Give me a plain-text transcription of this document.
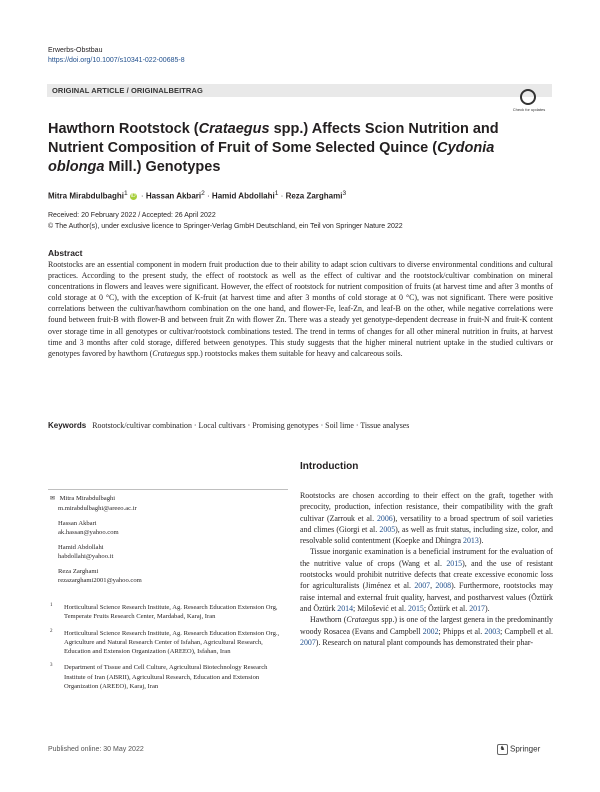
Erwerbs-Obstbau
https://doi.org/10.1007/s10341-022-00685-8
ORIGINAL ARTICLE / ORIGINALBEITRAG
Check for updates
Hawthorn Rootstock (Crataegus spp.) Affects Scion Nutrition and Nutrient Composition of Fruit of Some Selected Quince (Cydonia oblonga Mill.) Genotypes
Mitra Mirabdulbaghi$^1$ iD · Hassan Akbari$^2$ · Hamid Abdollahi$^1$ · Reza Zarghami$^3$
Received: 20 February 2022 / Accepted: 26 April 2022
© The Author(s), under exclusive licence to Springer-Verlag GmbH Deutschland, ein Teil von Springer Nature 2022
Abstract
Rootstocks are an essential component in modern fruit production due to their ability to adapt scion cultivars to diverse environmental conditions and cultural practices. According to the present study, the effect of rootstock as well as the effect of cultivar and the rootstock/cultivar combination on mineral concentrations in flowers and leaves were significant. However, the effect of rootstock for nutrient composition of fruits (at harvest time and after 3 months of cold storage at 0 °C), with the exception of K-fruit (at harvest time and after 3 months of cold storage at 0 °C), was not significant. There were positive correlations between the cultivar/hawthorn combination on the one hand, and flower-Fe, leaf-Zn, and leaf-B on the other, while negative correlations were found between fruit-B with flower-B and between fruit Zn with flower Zn. There was a steady yet genotype-dependent decrease in fruit-N and fruit-K content over storage time in all genotypes or cultivar/rootstock combinations tested. The trend in terms of changes for all other mineral nutrition in fruits, at harvest time and 3 months after cold storage, differed between genotypes. This study suggests that the higher mineral nutrient uptake in the studied cultivars or genotypes favored by hawthorn (Crataegus spp.) rootstocks makes them suitable for heavy and calcareous soils.
Keywords Rootstock/cultivar combination · Local cultivars · Promising genotypes · Soil lime · Tissue analyses
✉ Mitra Mirabdulbaghi
m.mirabdulbaghi@areeo.ac.ir
Hassan Akbari
ak.hassan@yahoo.com
Hamid Abdollahi
habdollahi@yahoo.it
Reza Zarghami
rezazarghami2001@yahoo.com
1 Horticultural Science Research Institute, Ag. Research Education Extension Org, Temperate Fruits Research Center, Mardabad, Karaj, Iran
2 Horticultural Science Research Institute, Ag. Research Education Extension Org., Agriculture and Natural Research Center of Isfahan, Agricultural Research, Education and Extension Organization (AREEO), Isfahan, Iran
3 Department of Tissue and Cell Culture, Agricultural Biotechnology Research Institute of Iran (ABRII), Agricultural Research, Education and Extension Organization (AREEO), Karaj, Iran
Introduction

Rootstocks are chosen according to their effect on the graft, together with precocity, production, infection resistance, their compatibility with the graft cultivar (Zarrouk et al. 2006), versatility to a broad spectrum of soil varieties and climes (Giorgi et al. 2005), as well as fruit status, including size, color, and resolvable solid contentment (Koepke and Dhingra 2013).

Tissue inorganic examination is a beneficial instrument for the evaluation of the nutritive value of crops (Wang et al. 2015), and the use of resistant rootstocks would prohibit nutritive defects that create excessive economic loss for agriculturalists (Jiménez et al. 2007, 2008). Furthermore, rootstocks may raise internal and external fruit quality, harvest, and postharvest values (Öztürk and Öztürk 2014; Milošević et al. 2015; Öztürk et al. 2017).

Hawthorn (Crataegus spp.) is one of the largest genera in the predominantly woody Rosacea (Evans and Campbell 2002; Phipps et al. 2003; Campbell et al. 2007). Research on natural plant compounds has demonstrated their phar-

Published online: 30 May 2022	♞ Springer
